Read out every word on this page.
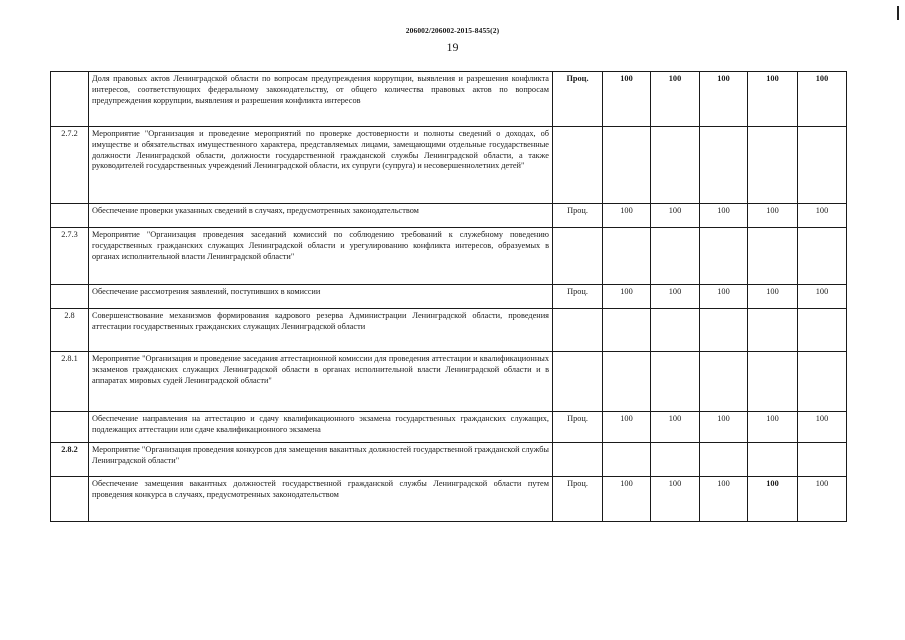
206002/206002-2015-8455(2)
19
	Доля правовых актов Ленинградской области по вопросам предупреждения коррупции, выявления и разрешения конфликта интересов, соответствующих федеральному законодательству, от общего количества правовых актов по вопросам предупреждения коррупции, выявления и разрешения конфликта интересов	Проц.	100	100	100	100	100
2.7.2	Мероприятие "Организация и проведение мероприятий по проверке достоверности и полноты сведений о доходах, об имуществе и обязательствах имущественного характера, представляемых лицами, замещающими отдельные государственные должности Ленинградской области, должности государственной гражданской службы Ленинградской области, а также руководителей государственных учреждений Ленинградской области, их супруги (супруга) и несовершеннолетних детей"						
	Обеспечение проверки указанных сведений в случаях, предусмотренных законодательством	Проц.	100	100	100	100	100
2.7.3	Мероприятие "Организация проведения заседаний комиссий по соблюдению требований к служебному поведению государственных гражданских служащих Ленинградской области и урегулированию конфликта интересов, образуемых в органах исполнительной власти Ленинградской области"						
	Обеспечение рассмотрения заявлений, поступивших в комиссии	Проц.	100	100	100	100	100
2.8	Совершенствование механизмов формирования кадрового резерва Администрации Ленинградской области, проведения аттестации государственных гражданских служащих Ленинградской области						
2.8.1	Мероприятие "Организация и проведение заседания аттестационной комиссии для проведения аттестации и квалификационных экзаменов гражданских служащих Ленинградской области в органах исполнительной власти Ленинградской области и в аппаратах мировых судей Ленинградской области"						
	Обеспечение направления на аттестацию и сдачу квалификационного экзамена государственных гражданских служащих, подлежащих аттестации или сдаче квалификационного экзамена	Проц.	100	100	100	100	100
2.8.2	Мероприятие "Организация проведения конкурсов для замещения вакантных должностей государственной гражданской службы Ленинградской области"						
	Обеспечение замещения вакантных должностей государственной гражданской службы Ленинградской области путем проведения конкурса в случаях, предусмотренных законодательством	Проц.	100	100	100	100	100
